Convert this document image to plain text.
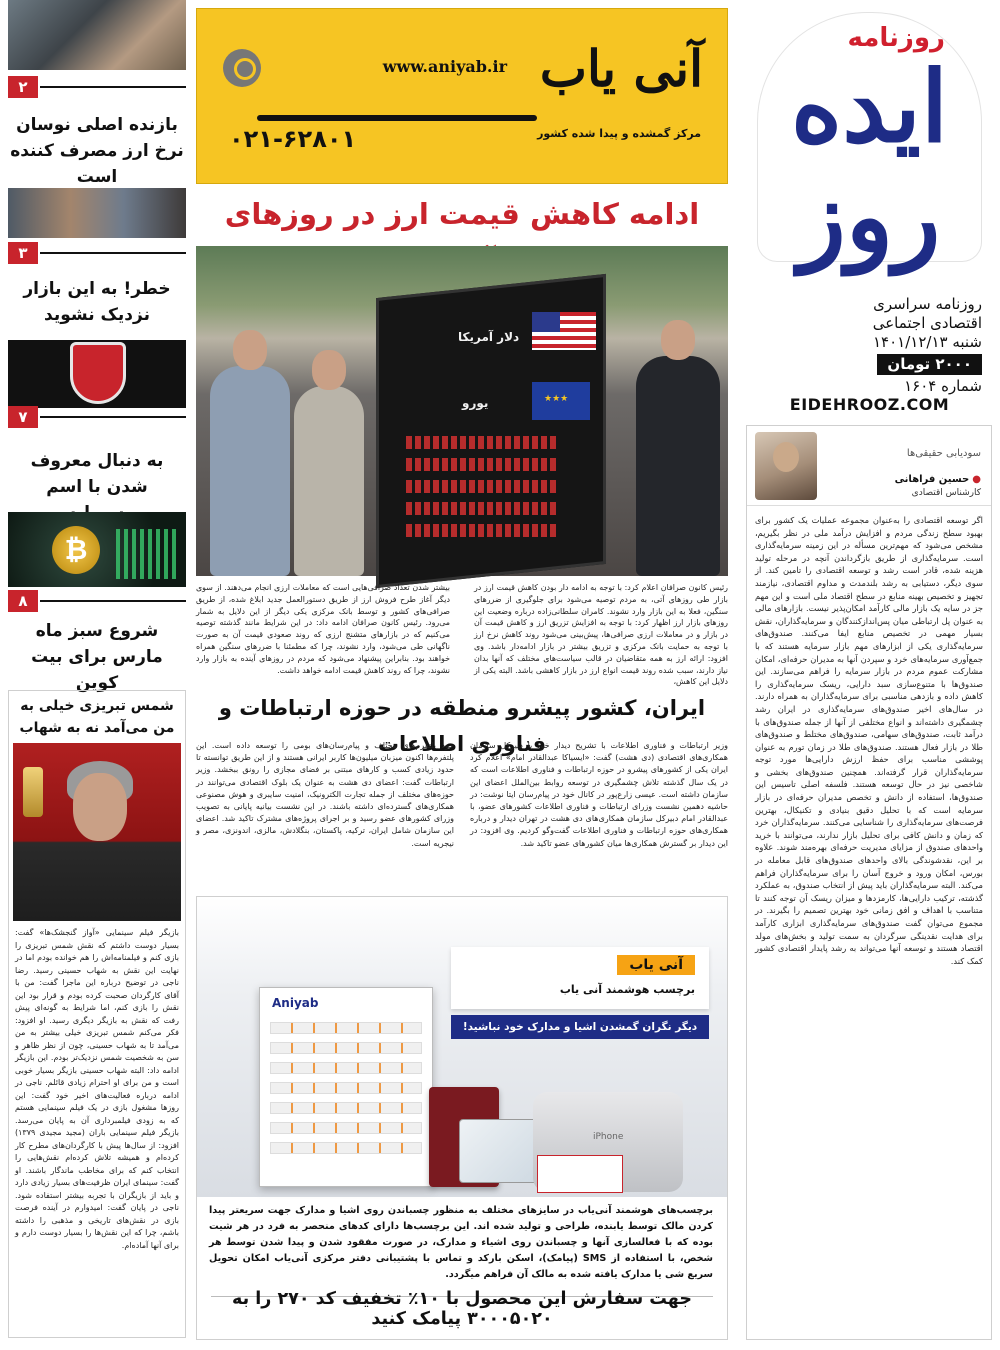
روزنامه
ایده روز
روزنامه سراسری
اقتصادی اجتماعی
شنبه ۱۴۰۱/۱۲/۱۳
۲۰۰۰ تومان
شماره ۱۶۰۴
EIDEHROOZ.COM
سودیابی حقیقی‌ها
● حسین فراهانی
کارشناس اقتصادی
اگر توسعه اقتصادی را به‌عنوان مجموعه عملیات یک کشور برای بهبود سطح زندگی مردم و افزایش درآمد ملی در نظر بگیریم، مشخص می‌شود که مهم‌ترین مسأله در این زمینه سرمایه‌گذاری است. سرمایه‌گذاری از طریق بازگرداندن آنچه در مرحله تولید هزینه شده، قادر است رشد و توسعه اقتصادی را تامین کند. از سوی دیگر، دستیابی به رشد بلندمدت و مداوم اقتصادی، نیازمند تجهیز و تخصیص بهینه منابع در سطح اقتصاد ملی است و این مهم جز در سایه یک بازار مالی کارآمد امکان‌پذیر نیست. بازارهای مالی به عنوان پل ارتباطی میان پس‌اندازکنندگان و سرمایه‌گذاران، نقش بسیار مهمی در تخصیص منابع ایفا می‌کنند. صندوق‌های سرمایه‌گذاری یکی از ابزارهای مهم بازار سرمایه هستند که با جمع‌آوری سرمایه‌های خرد و سپردن آنها به مدیران حرفه‌ای، امکان مشارکت عموم مردم در بازار سرمایه را فراهم می‌سازند. این صندوق‌ها با متنوع‌سازی سبد دارایی، ریسک سرمایه‌گذاری را کاهش داده و بازدهی مناسبی برای سرمایه‌گذاران به همراه دارند. در سال‌های اخیر صندوق‌های سرمایه‌گذاری در ایران رشد چشمگیری داشته‌اند و انواع مختلفی از آنها از جمله صندوق‌های با درآمد ثابت، صندوق‌های سهامی، صندوق‌های مختلط و صندوق‌های طلا در بازار فعال هستند. صندوق‌های طلا در زمان تورم به عنوان پوششی مناسب برای حفظ ارزش دارایی‌ها مورد توجه سرمایه‌گذاران قرار گرفته‌اند. همچنین صندوق‌های بخشی و شاخصی نیز در حال توسعه هستند. فلسفه اصلی تاسیس این صندوق‌ها، استفاده از دانش و تخصص مدیران حرفه‌ای در بازار سرمایه است که با تحلیل دقیق بنیادی و تکنیکال، بهترین فرصت‌های سرمایه‌گذاری را شناسایی می‌کنند. سرمایه‌گذاران خرد که زمان و دانش کافی برای تحلیل بازار ندارند، می‌توانند با خرید واحدهای صندوق از مزایای مدیریت حرفه‌ای بهره‌مند شوند. علاوه بر این، نقدشوندگی بالای واحدهای صندوق‌های قابل معامله در بورس، امکان ورود و خروج آسان را برای سرمایه‌گذاران فراهم می‌کند. البته سرمایه‌گذاران باید پیش از انتخاب صندوق، به عملکرد گذشته، ترکیب دارایی‌ها، کارمزدها و میزان ریسک آن توجه کنند تا متناسب با اهداف و افق زمانی خود بهترین تصمیم را بگیرند. در مجموع می‌توان گفت صندوق‌های سرمایه‌گذاری ابزاری کارآمد برای هدایت نقدینگی سرگردان به سمت تولید و بخش‌های مولد اقتصاد هستند و توسعه آنها می‌تواند به رشد پایدار اقتصادی کشور کمک کند.
۲
بازنده اصلی نوسان نرخ ارز مصرف کننده است
۳
خطر! به این بازار نزدیک نشوید
۷
به دنبال معروف شدن با اسم
₿
۸
شروع سبز ماه مارس برای بیت کوین
شمس تبریزی خیلی به من می‌آمد نه به شهاب
بازیگر فیلم سینمایی «آواز گنجشک‌ها» گفت: بسیار دوست داشتم که نقش شمس تبریزی را بازی کنم و فیلمنامه‌اش را هم خوانده بودم اما در نهایت این نقش به شهاب حسینی رسید. رضا ناجی در توضیح درباره این ماجرا گفت: من با آقای کارگردان صحبت کرده بودم و قرار بود این نقش را بازی کنم، اما شرایط به گونه‌ای پیش رفت که نقش به بازیگر دیگری رسید. او افزود: فکر می‌کنم شمس تبریزی خیلی بیشتر به من می‌آمد تا به شهاب حسینی، چون از نظر ظاهر و سن به شخصیت شمس نزدیک‌تر بودم. این بازیگر ادامه داد: البته شهاب حسینی بازیگر بسیار خوبی است و من برای او احترام زیادی قائلم. ناجی در ادامه درباره فعالیت‌های اخیر خود گفت: این روزها مشغول بازی در یک فیلم سینمایی هستم که به زودی فیلمبرداری آن به پایان می‌رسد. بازیگر فیلم سینمایی باران (مجید مجیدی ۱۳۷۹) افزود: از سال‌ها پیش با کارگردان‌های مطرح کار کرده‌ام و همیشه تلاش کرده‌ام نقش‌هایی را انتخاب کنم که برای مخاطب ماندگار باشند. او گفت: سینمای ایران ظرفیت‌های بسیار زیادی دارد و باید از بازیگران با تجربه بیشتر استفاده شود. ناجی در پایان گفت: امیدوارم در آینده فرصت بازی در نقش‌های تاریخی و مذهبی را داشته باشم، چرا که این نقش‌ها را بسیار دوست دارم و برای آنها آماده‌ام.
آنی یاب
www.aniyab.ir
مرکز گمشده و پیدا شده کشور
۰۲۱-۶۲۸۰۱
ادامه کاهش قیمت ارز در روزهای
★★★
دلار آمریکا
یورو
رئیس کانون صرافان اعلام کرد: با توجه به ادامه دار بودن کاهش قیمت ارز در بازار طی روزهای آتی، به مردم توصیه می‌شود برای جلوگیری از ضررهای سنگین، فعلا به این بازار وارد نشوند. کامران سلطانی‌زاده درباره وضعیت این روزهای بازار ارز اظهار کرد: با توجه به افزایش تزریق ارز و کاهش قیمت آن در بازار و در معاملات ارزی صرافی‌ها، پیش‌بینی می‌شود روند کاهش نرخ ارز با توجه به حمایت بانک مرکزی و تزریق بیشتر در بازار ادامه‌دار باشد. وی افزود: ارائه ارز به همه متقاضیان در قالب سیاست‌های مختلف که آنها بدان نیاز دارند، سبب شده روند قیمت انواع ارز در بازار کاهشی باشد. البته یکی از دلایل این کاهش،
بیشتر شدن تعداد صرافی‌هایی است که معاملات ارزی انجام می‌دهند. از سوی دیگر آغاز طرح فروش ارز از طریق دستورالعمل جدید ابلاغ شده، از طریق صرافی‌های کشور و توسط بانک مرکزی یکی دیگر از این دلایل به شمار می‌رود. رئیس کانون صرافان ادامه داد: در این شرایط مانند گذشته توصیه می‌کنیم که در بازارهای متشنج ارزی که روند صعودی قیمت آن به صورت ناگهانی طی می‌شود، وارد نشوند، چرا که مطمئنا با ضررهای سنگین همراه خواهند بود. بنابراین پیشنهاد می‌شود که مردم در روزهای آینده به بازار وارد نشوند، چرا که روند کاهش قیمت ادامه خواهد داشت.
ایران، کشور پیشرو منطقه در حوزه ارتباطات و فناوری اطلاعات
وزیر ارتباطات و فناوری اطلاعات با تشریح دیدار خود با دبیرکل سازمان همکاری‌های اقتصادی (دی هشت) گفت: «ایسیاکا عبدالقادر امام» اعلام کرد ایران یکی از کشورهای پیشرو در حوزه ارتباطات و فناوری اطلاعات است که در یک سال گذشته تلاش چشمگیری در توسعه روابط بین‌الملل اعضای این سازمان داشته است. عیسی زارع‌پور در کانال خود در پیام‌رسان ایتا نوشت: در حاشیه دهمین نشست وزرای ارتباطات و فناوری اطلاعات کشورهای عضو، با عبدالقادر امام دبیرکل سازمان همکاری‌های دی هشت در تهران دیدار و درباره همکاری‌های حوزه ارتباطات و فناوری اطلاعات گفت‌وگو کردیم. وی افزود: در این دیدار بر گسترش همکاری‌ها میان کشورهای عضو تاکید شد.
خود پلتفرم‌های مختلف و پیام‌رسان‌های بومی را توسعه داده است. این پلتفرم‌ها اکنون میزبان میلیون‌ها کاربر ایرانی هستند و از این طریق توانسته تا حدود زیادی کسب و کارهای مبتنی بر فضای مجازی را رونق ببخشد. وزیر ارتباطات گفت: اعضای دی هشت به عنوان یک بلوک اقتصادی می‌توانند در حوزه‌های مختلف از جمله تجارت الکترونیک، امنیت سایبری و هوش مصنوعی همکاری‌های گسترده‌ای داشته باشند. در این نشست بیانیه پایانی به تصویب وزرای کشورهای عضو رسید و بر اجرای پروژه‌های مشترک تاکید شد. اعضای این سازمان شامل ایران، ترکیه، پاکستان، بنگلادش، مالزی، اندونزی، مصر و نیجریه است.
آنی یاب
برچسب هوشمند آنی یاب
دیگر نگران گمشدن اشیا و مدارک خود نباشید!
Aniyab
iPhone
برچسب‌های هوشمند آنی‌یاب در سایزهای مختلف به منظور چسباندن روی اشیا و مدارک جهت سریعتر پیدا کردن مالک توسط یابنده، طراحی و تولید شده اند. این برچسب‌ها دارای کدهای منحصر به فرد در هر شیت بوده که با فعالسازی آنها و چسباندن روی اشیاء و مدارک، در صورت مفقود شدن و پیدا شدن توسط هر شخص، با استفاده از SMS (پیامک)، اسکن بارکد و تماس با پشتیبانی دفتر مرکزی آنی‌یاب امکان تحویل سریع شی یا مدارک یافته شده به مالک آن فراهم میگردد.
جهت سفارش این محصول با ۱۰٪ تخفیف کد ۲۷۰ را به ۳۰۰۰۵۰۲۰ پیامک کنید
